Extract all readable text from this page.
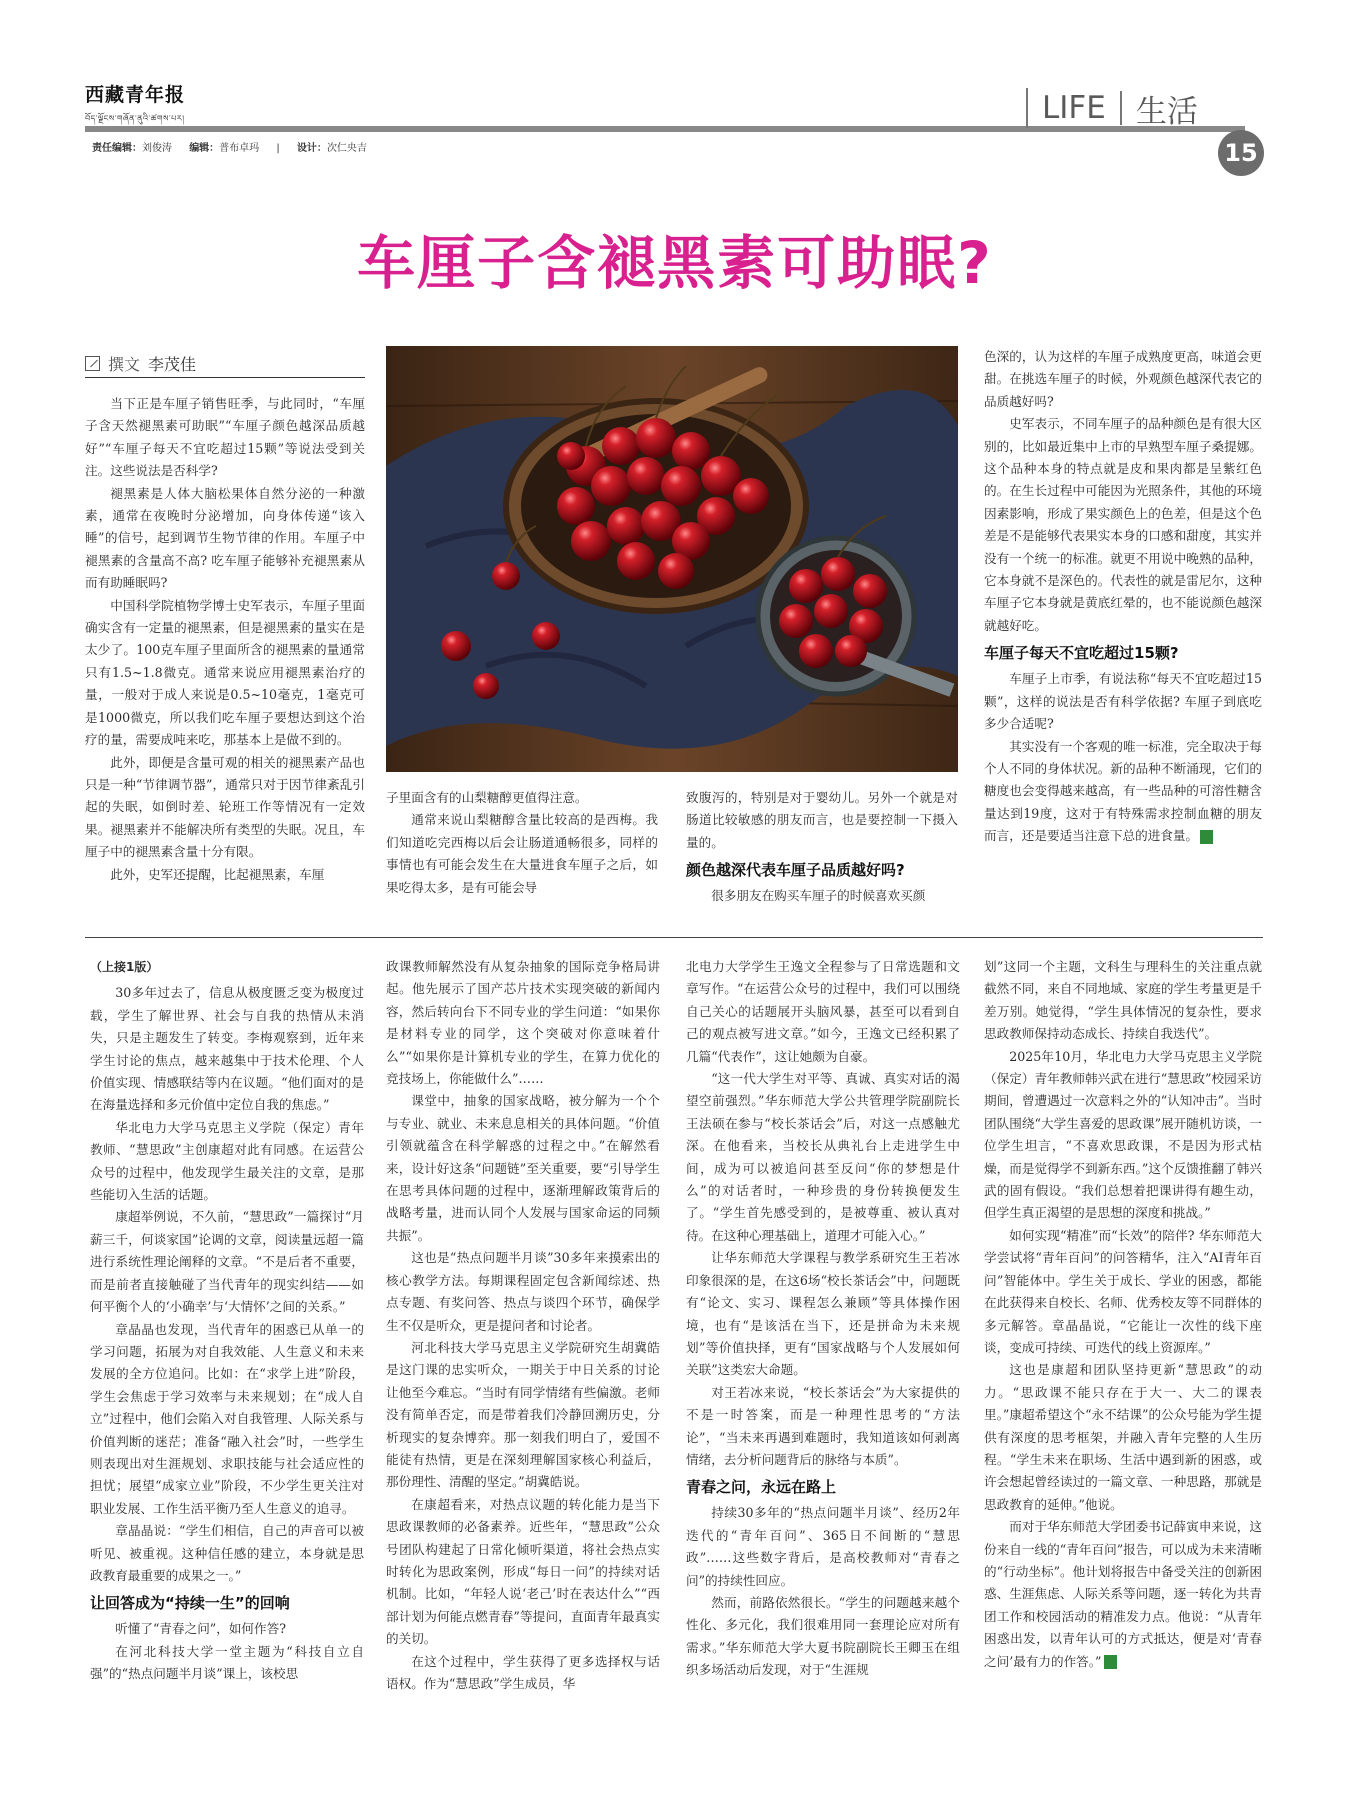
西藏青年报
བོད་ལྗོངས་གཞོན་ནུའི་ཚགས་པར།
责任编辑：刘俊涛 编辑：普布卓玛 | 设计：次仁央吉
LIFE 生活
15
车厘子含褪黑素可助眠?
撰文 李茂佳

当下正是车厘子销售旺季，与此同时，“车厘子含天然褪黑素可助眠”“车厘子颜色越深品质越好”“车厘子每天不宜吃超过15颗”等说法受到关注。这些说法是否科学?

褪黑素是人体大脑松果体自然分泌的一种激素，通常在夜晚时分泌增加，向身体传递“该入睡”的信号，起到调节生物节律的作用。车厘子中褪黑素的含量高不高? 吃车厘子能够补充褪黑素从而有助睡眠吗?

中国科学院植物学博士史军表示，车厘子里面确实含有一定量的褪黑素，但是褪黑素的量实在是太少了。100克车厘子里面所含的褪黑素的量通常只有1.5~1.8微克。通常来说应用褪黑素治疗的量，一般对于成人来说是0.5~10毫克，1毫克可是1000微克，所以我们吃车厘子要想达到这个治疗的量，需要成吨来吃，那基本上是做不到的。

此外，即便是含量可观的相关的褪黑素产品也只是一种“节律调节器”，通常只对于因节律紊乱引起的失眠，如倒时差、轮班工作等情况有一定效果。褪黑素并不能解决所有类型的失眠。况且，车厘子中的褪黑素含量十分有限。

此外，史军还提醒，比起褪黑素，车厘

子里面含有的山梨糖醇更值得注意。

通常来说山梨糖醇含量比较高的是西梅。我们知道吃完西梅以后会让肠道通畅很多，同样的事情也有可能会发生在大量进食车厘子之后，如果吃得太多，是有可能会导

致腹泻的，特别是对于婴幼儿。另外一个就是对肠道比较敏感的朋友而言，也是要控制一下摄入量的。

颜色越深代表车厘子品质越好吗?

很多朋友在购买车厘子的时候喜欢买颜

色深的，认为这样的车厘子成熟度更高，味道会更甜。在挑选车厘子的时候，外观颜色越深代表它的品质越好吗?

史军表示，不同车厘子的品种颜色是有很大区别的，比如最近集中上市的早熟型车厘子桑提娜。这个品种本身的特点就是皮和果肉都是呈紫红色的。在生长过程中可能因为光照条件，其他的环境因素影响，形成了果实颜色上的色差，但是这个色差是不是能够代表果实本身的口感和甜度，其实并没有一个统一的标准。就更不用说中晚熟的品种，它本身就不是深色的。代表性的就是雷尼尔，这种车厘子它本身就是黄底红晕的，也不能说颜色越深就越好吃。

车厘子每天不宜吃超过15颗?

车厘子上市季，有说法称“每天不宜吃超过15颗”，这样的说法是否有科学依据? 车厘子到底吃多少合适呢?

其实没有一个客观的唯一标准，完全取决于每个人不同的身体状况。新的品种不断涌现，它们的糖度也会变得越来越高，有一些品种的可溶性糖含量达到19度，这对于有特殊需求控制血糖的朋友而言，还是要适当注意下总的进食量。	青

（上接1版）

30多年过去了，信息从极度匮乏变为极度过载，学生了解世界、社会与自我的热情从未消失，只是主题发生了转变。李梅观察到，近年来学生讨论的焦点，越来越集中于技术伦理、个人价值实现、情感联结等内在议题。“他们面对的是在海量选择和多元价值中定位自我的焦虑。”

华北电力大学马克思主义学院（保定）青年教师、“慧思政”主创康超对此有同感。在运营公众号的过程中，他发现学生最关注的文章，是那些能切入生活的话题。

康超举例说，不久前，“慧思政”一篇探讨“月薪三千，何谈家国”论调的文章，阅读量远超一篇进行系统性理论阐释的文章。“不是后者不重要，而是前者直接触碰了当代青年的现实纠结——如何平衡个人的‘小确幸’与‘大情怀’之间的关系。”

章晶晶也发现，当代青年的困惑已从单一的学习问题，拓展为对自我效能、人生意义和未来发展的全方位追问。比如：在“求学上进”阶段，学生会焦虑于学习效率与未来规划；在“成人自立”过程中，他们会陷入对自我管理、人际关系与价值判断的迷茫；准备“融入社会”时，一些学生则表现出对生涯规划、求职技能与社会适应性的担忧；展望“成家立业”阶段，不少学生更关注对职业发展、工作生活平衡乃至人生意义的追寻。

章晶晶说：“学生们相信，自己的声音可以被听见、被重视。这种信任感的建立，本身就是思政教育最重要的成果之一。”

让回答成为“持续一生”的回响

听懂了“青春之问”，如何作答?

在河北科技大学一堂主题为“科技自立自强”的“热点问题半月谈”课上，该校思

政课教师解然没有从复杂抽象的国际竞争格局讲起。他先展示了国产芯片技术实现突破的新闻内容，然后转向台下不同专业的学生问道：“如果你是材料专业的同学，这个突破对你意味着什么”“如果你是计算机专业的学生，在算力优化的竞技场上，你能做什么”……

课堂中，抽象的国家战略，被分解为一个个与专业、就业、未来息息相关的具体问题。“价值引领就蕴含在科学解惑的过程之中。”在解然看来，设计好这条“问题链”至关重要，要“引导学生在思考具体问题的过程中，逐渐理解政策背后的战略考量，进而认同个人发展与国家命运的同频共振”。

这也是“热点问题半月谈”30多年来摸索出的核心教学方法。每期课程固定包含新闻综述、热点专题、有奖问答、热点与谈四个环节，确保学生不仅是听众，更是提问者和讨论者。

河北科技大学马克思主义学院研究生胡冀皓是这门课的忠实听众，一期关于中日关系的讨论让他至今难忘。“当时有同学情绪有些偏激。老师没有简单否定，而是带着我们冷静回溯历史，分析现实的复杂博弈。那一刻我们明白了，爱国不能徒有热情，更是在深刻理解国家核心利益后，那份理性、清醒的坚定。”胡冀皓说。

在康超看来，对热点议题的转化能力是当下思政课教师的必备素养。近些年，“慧思政”公众号团队构建起了日常化倾听渠道，将社会热点实时转化为思政案例，形成“每日一问”的持续对话机制。比如，“年轻人说‘老己’时在表达什么”“西部计划为何能点燃青春”等提问，直面青年最真实的关切。

在这个过程中，学生获得了更多选择权与话语权。作为“慧思政”学生成员，华

北电力大学学生王逸文全程参与了日常选题和文章写作。“在运营公众号的过程中，我们可以围绕自己关心的话题展开头脑风暴，甚至可以看到自己的观点被写进文章。”如今，王逸文已经积累了几篇“代表作”，这让她颇为自豪。

“这一代大学生对平等、真诚、真实对话的渴望空前强烈。”华东师范大学公共管理学院副院长王法硕在参与“校长茶话会”后，对这一点感触尤深。在他看来，当校长从典礼台上走进学生中间，成为可以被追问甚至反问“你的梦想是什么”的对话者时，一种珍贵的身份转换便发生了。“学生首先感受到的，是被尊重、被认真对待。在这种心理基础上，道理才可能入心。”

让华东师范大学课程与教学系研究生王若冰印象很深的是，在这6场“校长茶话会”中，问题既有“论文、实习、课程怎么兼顾”等具体操作困境，也有“是该活在当下，还是拼命为未来规划”等价值抉择，更有“国家战略与个人发展如何关联”这类宏大命题。

对王若冰来说，“校长茶话会”为大家提供的不是一时答案，而是一种理性思考的“方法论”，“当未来再遇到难题时，我知道该如何剥离情绪，去分析问题背后的脉络与本质”。

青春之问，永远在路上

持续30多年的“热点问题半月谈”、经历2年迭代的“青年百问”、365日不间断的“慧思政”……这些数字背后，是高校教师对“青春之问”的持续性回应。

然而，前路依然很长。“学生的问题越来越个性化、多元化，我们很难用同一套理论应对所有需求。”华东师范大学大夏书院副院长王卿玉在组织多场活动后发现，对于“生涯规

划”这同一个主题，文科生与理科生的关注重点就截然不同，来自不同地域、家庭的学生考量更是千差万别。她觉得，“学生具体情况的复杂性，要求思政教师保持动态成长、持续自我迭代”。

2025年10月，华北电力大学马克思主义学院（保定）青年教师韩兴武在进行“慧思政”校园采访期间，曾遭遇过一次意料之外的“认知冲击”。当时团队围绕“大学生喜爱的思政课”展开随机访谈，一位学生坦言，“不喜欢思政课，不是因为形式枯燥，而是觉得学不到新东西。”这个反馈推翻了韩兴武的固有假设。“我们总想着把课讲得有趣生动，但学生真正渴望的是思想的深度和挑战。”

如何实现“精准”而“长效”的陪伴? 华东师范大学尝试将“青年百问”的问答精华，注入“AI青年百问”智能体中。学生关于成长、学业的困惑，都能在此获得来自校长、名师、优秀校友等不同群体的多元解答。章晶晶说，“它能让一次性的线下座谈，变成可持续、可迭代的线上资源库。”

这也是康超和团队坚持更新“慧思政”的动力。“思政课不能只存在于大一、大二的课表里。”康超希望这个“永不结课”的公众号能为学生提供有深度的思考框架，并融入青年完整的人生历程。“学生未来在职场、生活中遇到新的困惑，或许会想起曾经读过的一篇文章、一种思路，那就是思政教育的延伸。”他说。

而对于华东师范大学团委书记薛寅申来说，这份来自一线的“青年百问”报告，可以成为未来清晰的“行动坐标”。他计划将报告中备受关注的创新困惑、生涯焦虑、人际关系等问题，逐一转化为共青团工作和校园活动的精准发力点。他说：“从青年困惑出发，以青年认可的方式抵达，便是对‘青春之问’最有力的作答。”	青
